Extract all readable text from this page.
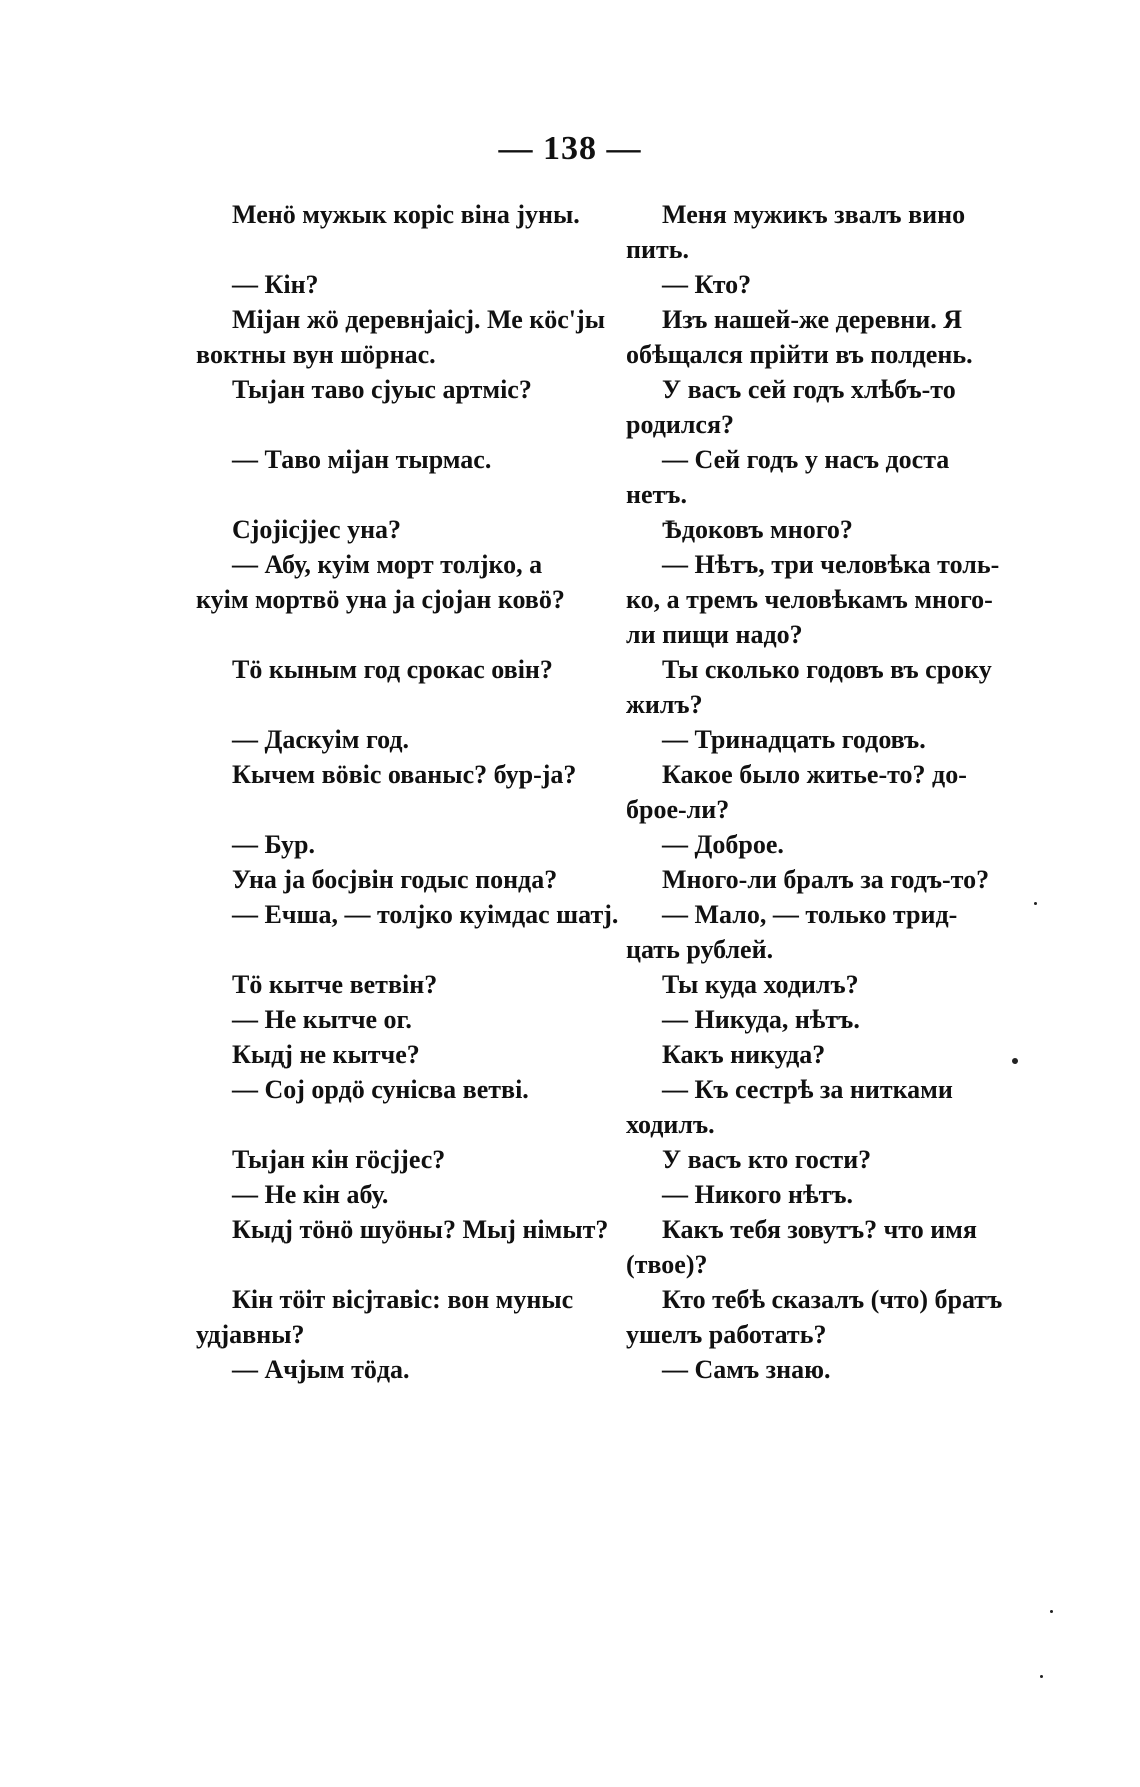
— 138 —
Менö мужык коріс віна јуны.
— Кін?
Міјан жö деревнјаісј. Ме кöс'јы
вoктны вун шöрнас.
Тыјан таво сјуыс артміс?
— Таво міјан тырмас.
Сјоjісјјес уна?
— Абу, куім морт толјко, а
куім мортвö уна ја сјојан ковö?
Тö кыным год срокас овін?
— Даскуім год.
Кычем вöвіс ованыс? бур-ја?
— Бур.
Уна ја босјвін годыс понда?
— Ечша, — толјко куімдас шатј.
Тö кытче ветвін?
— Не кытче ог.
Кыдј не кытче?
— Coj ордö сунісва ветві.
Тыјан кін гöсјјес?
— Не кін абу.
Кыдј тöнö шуöны? Мыј німыт?
Кін тöіт вісјтавіс: вон муныс
удјавны?
— Ачјым тöда.
Меня мужикъ звалъ вино
пить.
— Кто?
Изъ нашей-же деревни. Я
обѣщался прійти въ полдень.
У васъ сей годъ хлѣбъ-то
родился?
— Сей годъ у насъ доста
нетъ.
Ѣдоковъ много?
— Нѣтъ, три человѣка толь-
ко, а тремъ человѣкамъ много-
ли пищи надо?
Ты сколько годовъ въ сроку
жилъ?
— Тринадцать годовъ.
Какое было житье-то? до-
брое-ли?
— Доброе.
Много-ли бралъ за годъ-то?
— Мало, — только трид-
цать рублей.
Ты куда ходилъ?
— Никуда, нѣтъ.
Какъ никуда?
— Къ сестрѣ за нитками
ходилъ.
У васъ кто гости?
— Никого нѣтъ.
Какъ тебя зовутъ? что имя
(твое)?
Кто тебѣ сказалъ (что) братъ
ушелъ работать?
— Самъ знаю.
